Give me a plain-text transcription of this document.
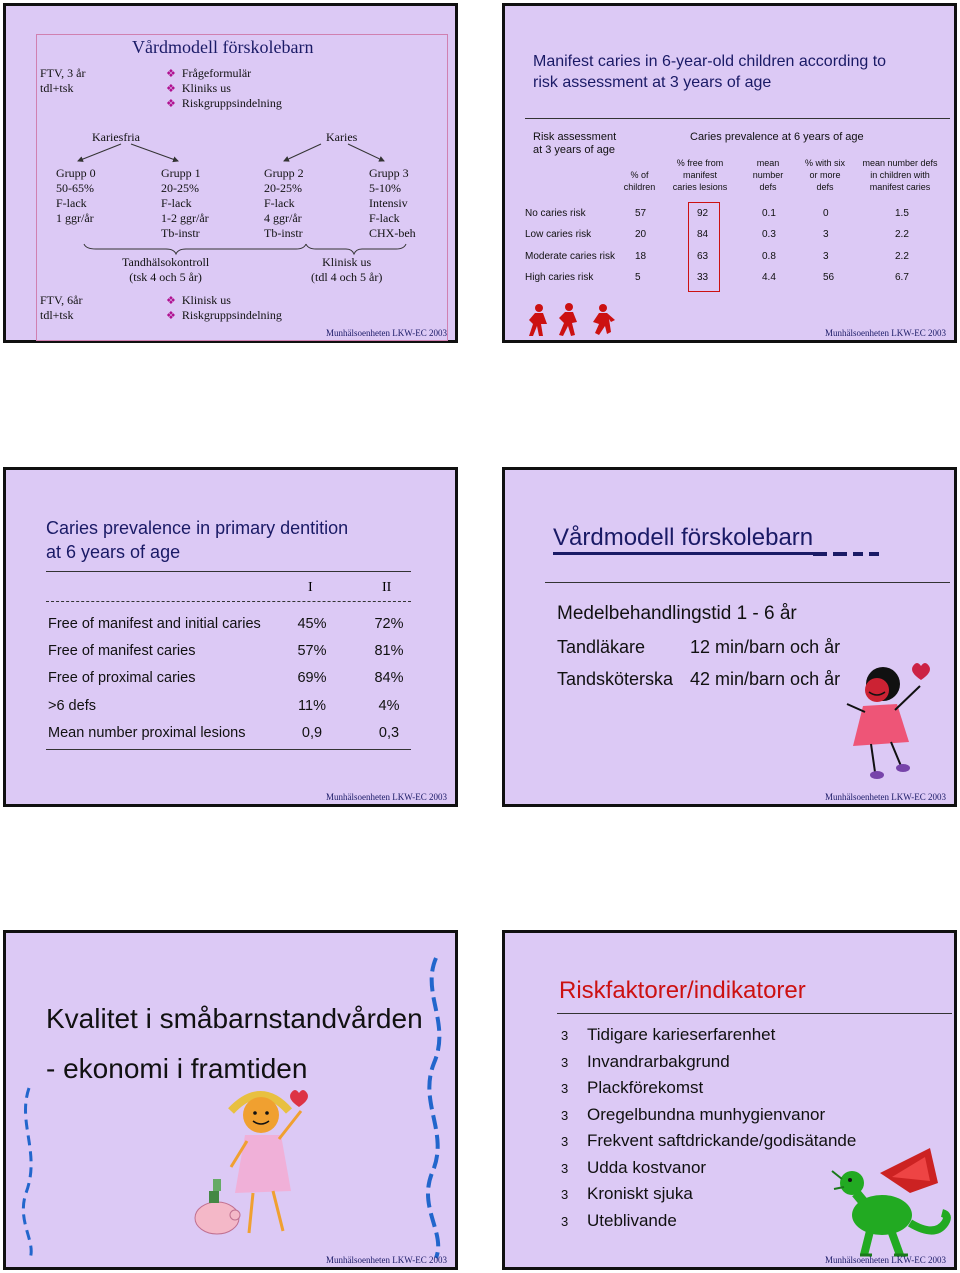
Vårdmodell förskolebarn
FTV, 3 år
tdl+tsk
❖ Frågeformulär
❖ Kliniks us
❖ Riskgruppsindelning
Kariesfria	Karies
Grupp 0
50-65%
F-lack
1 ggr/år
Grupp 1
20-25%
F-lack
1-2 ggr/år
Tb-instr
Grupp 2
20-25%
F-lack
4 ggr/år
Tb-instr
Grupp 3
5-10%
Intensiv
F-lack
CHX-beh
Tandhälsokontroll
(tsk 4 och 5 år)
Klinisk us
(tdl 4 och 5 år)
FTV, 6år
tdl+tsk
❖ Klinisk us
❖ Riskgruppsindelning
Munhälsoenheten LKW-EC 2003
Manifest caries in 6-year-old children according to
risk assessment at 3 years of age
Risk assessment
at 3 years of age
Caries prevalence at 6 years of age
% of
children
% free from
manifest
caries lesions
mean
number
defs
% with six
or more
defs
mean number defs
in children with
manifest caries
No caries risk	57	92	0.1	0	1.5
Low caries risk	20	84	0.3	3	2.2
Moderate caries risk 18	63	0.8	3	2.2
High caries risk	5	33	4.4	56	6.7
Munhälsoenheten LKW-EC 2003
Caries prevalence in primary dentition
at 6 years of age
I	II
Free of manifest and initial caries	45%	72%
Free of manifest caries	57%	81%
Free of proximal caries	69%	84%
>6 defs	11%	4%
Mean number proximal lesions	0,9	0,3
Munhälsoenheten LKW-EC 2003
Vårdmodell förskolebarn
Medelbehandlingstid 1 - 6 år
Tandläkare 12 min/barn och år
Tandsköterska 42 min/barn och år
Munhälsoenheten LKW-EC 2003
Kvalitet i småbarnstandvården
- ekonomi i framtiden
Munhälsoenheten LKW-EC 2003
Riskfaktorer/indikatorer
3 Tidigare karieserfarenhet
3 Invandrarbakgrund
3 Plackförekomst
3 Oregelbundna munhygienvanor
3 Frekvent saftdrickande/godisätande
3 Udda kostvanor
3 Kroniskt sjuka
3 Uteblivande
Munhälsoenheten LKW-EC 2003
